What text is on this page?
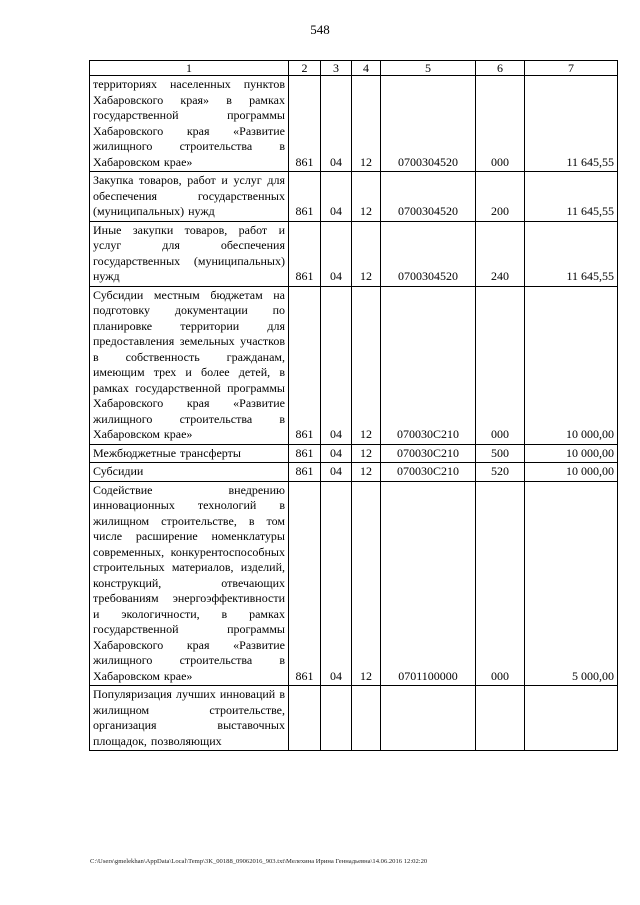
548
1	2	3	4	5	6	7
территориях населенных пунктов Хабаровского края» в рамках государственной программы Хабаровского края «Развитие жилищного строительства в Хабаровском крае»	861	04	12	0700304520	000	11 645,55
Закупка товаров, работ и услуг для обеспечения государственных (муниципальных) нужд	861	04	12	0700304520	200	11 645,55
Иные закупки товаров, работ и услуг для обеспечения государственных (муниципальных) нужд	861	04	12	0700304520	240	11 645,55
Субсидии местным бюджетам на подготовку документации по планировке территории для предоставления земельных участков в собственность гражданам, имеющим трех и более детей, в рамках государственной программы Хабаровского края «Развитие жилищного строительства в Хабаровском крае»	861	04	12	070030С210	000	10 000,00
Межбюджетные трансферты	861	04	12	070030С210	500	10 000,00
Субсидии	861	04	12	070030С210	520	10 000,00
Содействие внедрению инновационных технологий в жилищном строительстве, в том числе расширение номенклатуры современных, конкурентоспособных строительных материалов, изделий, конструкций, отвечающих требованиям энергоэффективности и экологичности, в рамках государственной программы Хабаровского края «Развитие жилищного строительства в Хабаровском крае»	861	04	12	0701100000	000	5 000,00
Популяризация лучших инноваций в жилищном строительстве, организация выставочных площадок, позволяющих						
C:\Users\gmelekhan\AppData\Local\Temp\3K_00188_09062016_903.txt\Мелехина Ирина Геннадьевна\14.06.2016 12:02:20
